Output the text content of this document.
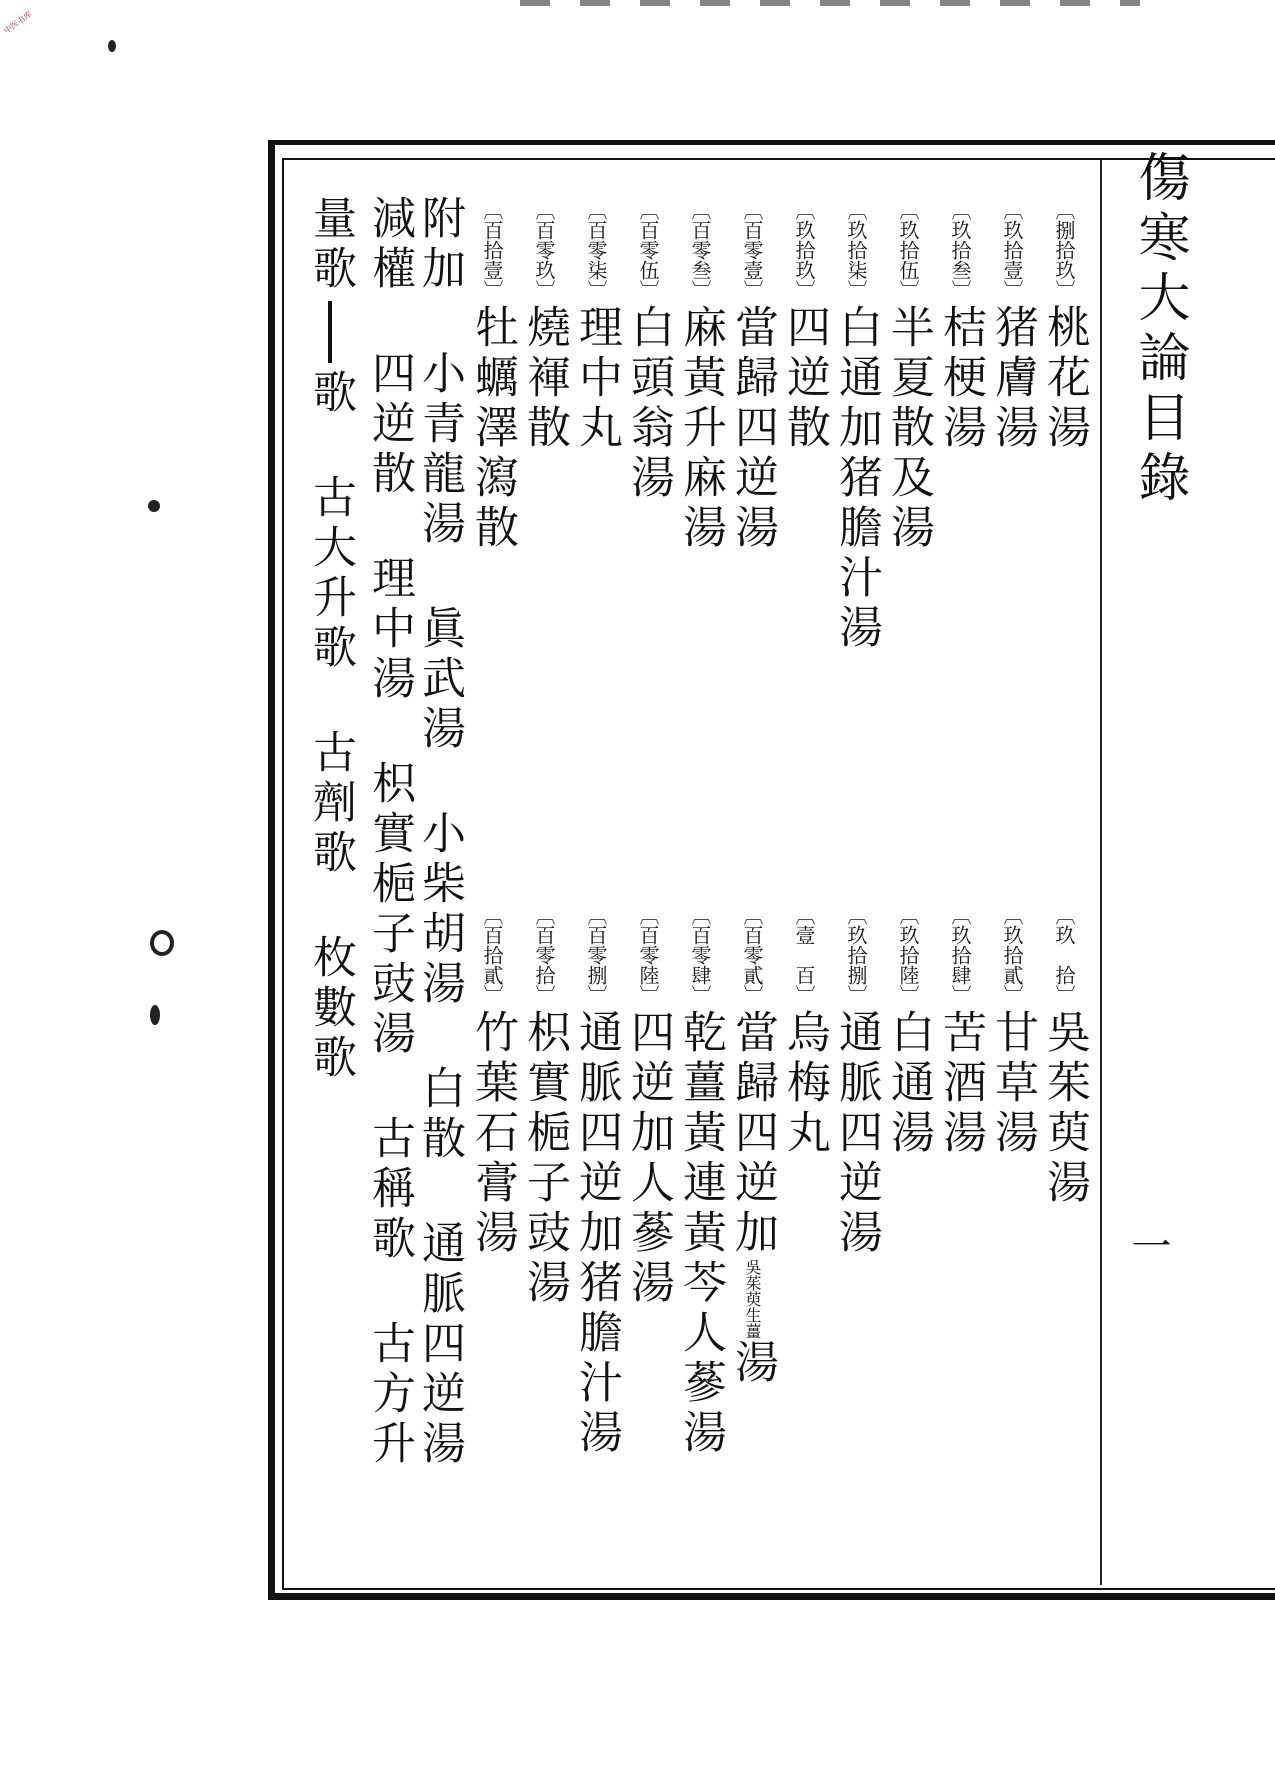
中医书库
傷寒大論目錄
一
〔捌拾玖〕桃花湯
〔玖　拾〕吳茱萸湯
〔玖拾壹〕猪膚湯
〔玖拾貳〕甘草湯
〔玖拾叁〕桔梗湯
〔玖拾肆〕苦酒湯
〔玖拾伍〕半夏散及湯
〔玖拾陸〕白通湯
〔玖拾柒〕白通加猪膽汁湯
〔玖拾捌〕通脈四逆湯
〔玖拾玖〕四逆散
〔壹　百〕烏梅丸
〔百零壹〕當歸四逆湯
〔百零貳〕當歸四逆加吳茱萸生薑湯
〔百零叁〕麻黃升麻湯
〔百零肆〕乾薑黃連黃芩人蔘湯
〔百零伍〕白頭翁湯
〔百零陸〕四逆加人蔘湯
〔百零柒〕理中丸
〔百零捌〕通脈四逆加猪膽汁湯
〔百零玖〕燒褌散
〔百零拾〕枳實梔子豉湯
〔百拾壹〕牡蠣澤瀉散
〔百拾貳〕竹葉石膏湯
附加小青龍湯眞武湯小柴胡湯白散通脈四逆湯
減權四逆散理中湯枳實梔子豉湯古稱歌古方升
量歌歌古大升歌古劑歌枚數歌
